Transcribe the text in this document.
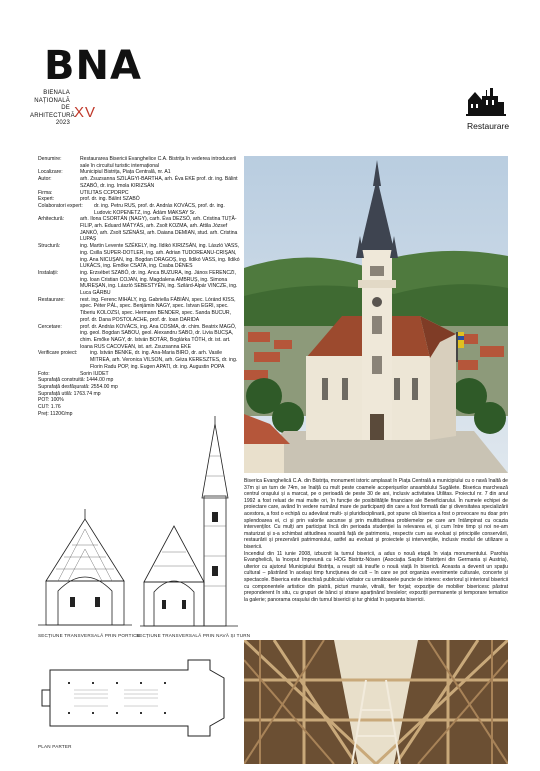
BNA
BIENALA
NAȚIONALĂ
DE
ARHITECTURĂ
2023
XV
Restaurare
Denumire:	Restaurarea Bisericii Evanghelice C.A. Bistrița în vederea introducerii sale în circuitul turistic internațional
Localizare:	Municipiul Bistrița, Piața Centrală, nr. A1
Autor:	arh. Zsuzsanna SZILÁGYI-BARTHA, arh. Éva EKE prof. dr. ing. Bálint SZABÓ, dr. ing. Imola KIRIZSÁN
Firma:	UTILITAS CCPDRPC
Expert:	prof. dr. ing. Bálint SZABÓ
Colaboratori expert:	dr. ing. Petru RUS, prof. dr. András KOVÁCS, prof. dr. ing. Ludovic KOPENETZ, ing. Ádám MAKSAY Sr.
Arhitectură:	arh. Ilona CSORTÁN (NAGY), carh. Éva DEZSŐ, arh. Cristina TUȚĂ-FILIP, arh. Eduard MÁTYÁS, arh. Zsolt KOZMA, arh. Attila József JANKÓ, arh. Zsolt SZÉNÁSI, arh. Daiana DEMIAN, stud. arh. Cristina LUPAȘ
Structură:	ing. Martin Levente SZÉKELY, ing. Ildikó KIRIZSÁN, ing. László VASS, ing. Csilla SUPER-DOTLER, ing. arh. Adrian TUDOREANU-CRIȘAN, ing. Ana NICUȘAN, ing. Bogdan DRAGOȘ, ing. Ildikó VASS, ing. Ildikó LUKÁCS, ing. Emőke CSATA, ing. Csaba DÉNES
Instalații:	ing. Erzsébet SZABÓ, dr. ing. Anca BUZURA, ing. János FERENCZI, ing. Ioan Cristian COJAN, ing. Magdalena AMBRUȘ, ing. Simona MUREȘAN, ing. László SEBESTYÉN, ing. Szilárd-Alpár VINCZE, ing. Luca GÂRBU
Restaurare:	rest. ing. Ferenc MIHÁLY, ing. Gabriella FÁBIÁN, spec. Lóránd KISS, spec. Péter PÁL, spec. Benjámin NAGY, spec. Istvan EGRI, spec. Tiberiu KOLOZSI, spec. Hermann BENDER, spec. Sanda BUCUR, prof. dr. Dana POSTOLACHE, prof. dr. Ioan DARIDA
Cercetare:	prof. dr. András KOVÁCS, ing. Ana COSMA, dr. chim. Beatrix MAGÓ, ing. geol. Bogdan SABOU, geol. Alexandru SABO, dr. Livia BUCȘA, chim. Emőke NAGY, dr. István BOTÁR, Boglárka TÓTH, dr. ist. art. Ioana RUS CACOVEAN, ist. art. Zsuzsanna EKE
Verificare proiect:	ing. István BENKE, dr. ing. Ana-Maria BIRO, dr. arh. Vasile MITREA, arh. Veronica VILSON, arh. Géza KERESZTES, dr. ing. Florin Radu POP, ing. Eugen APATI, dr. ing. Augustin POPA
Foto:	Sorin IUDET
Suprafață construită: 1444.00 mp
Suprafață desfășurată: 2554.00 mp
Suprafață utilă: 1763.74 mp
POT: 100%
CUT: 1.76
Preț: 1120€/mp

Biserica Evanghelică C.A. din Bistrița, monument istoric amplasat în Piața Centrală a municipiului cu o navă înaltă de 37m și un turn de 74m, se înalță cu mult peste coamele acoperișurilor ansamblului Sugălete. Biserica marchează centrul orașului și a marcat, pe o perioadă de peste 30 de ani, inclusiv activitatea Utilitas. Proiectul nr. 7 din anul 1992 a fost reluat de mai multe ori, în funcție de posibilitățile financiare ale Beneficiarului. În numele echipei de proiectare care, având în vedere numărul mare de participanți din care a fost formată dar și diversitatea specializării acestora, a fost o echipă cu adevărat multi- și pluridisciplinară, pot spune că biserica a fost o provocare nu doar prin splendoarea ei, ci și prin valorile ascunse și prin multitudinea problemelor pe care am întâmpinat cu ocazia intervenților. Cu mulți am participat încă din perioada studenției la relevarea ei, și cum între timp și noi ne-am maturizat și s-a schimbat atitudinea noastră față de patrimoniu, respectiv cum au evoluat și principiile conservării, restaurării și prezervării patrimoniului, astfel au evoluat și proiectele și intervențiile, inclusiv modul de utilizare a bisericii.

Incendiul din 11 iunie 2008, izbucnit la turnul bisericii, a adus o nouă etapă în viața monumentului. Parohia Evanghelică, la început împreună cu HOG Bistritz-Nösen (Asociația Sașilor Bistrițeni din Germania și Austria), ulterior cu ajutorul Municipiului Bistrița, a reușit să insufle o nouă viață în biserică. Aceasta a devenit un spațiu cultural – păstrând în același timp funcțiunea de cult – în care se pot organiza evenimente culturale, concerte și spectacole. Biserica este deschisă publicului vizitator cu următoarele puncte de interes: exteriorul și interiorul bisericii cu componentele artistice din piatră, picturi murale, vitralii, fier forjat; expoziție de mobilier bisericesc păstrat preponderent în situ, cu grupuri de bănci și strane aparținând breslelor; expoziții permanente și temporare tematice la galerie; panorama orașului din turnul bisericii și tur ghidat în șarpanta bisericii.

SECȚIUNE TRANSVERSALĂ PRIN PORTICE
SECȚIUNE TRANSVERSALĂ PRIN NAVĂ ȘI TURN
PLAN PARTER
